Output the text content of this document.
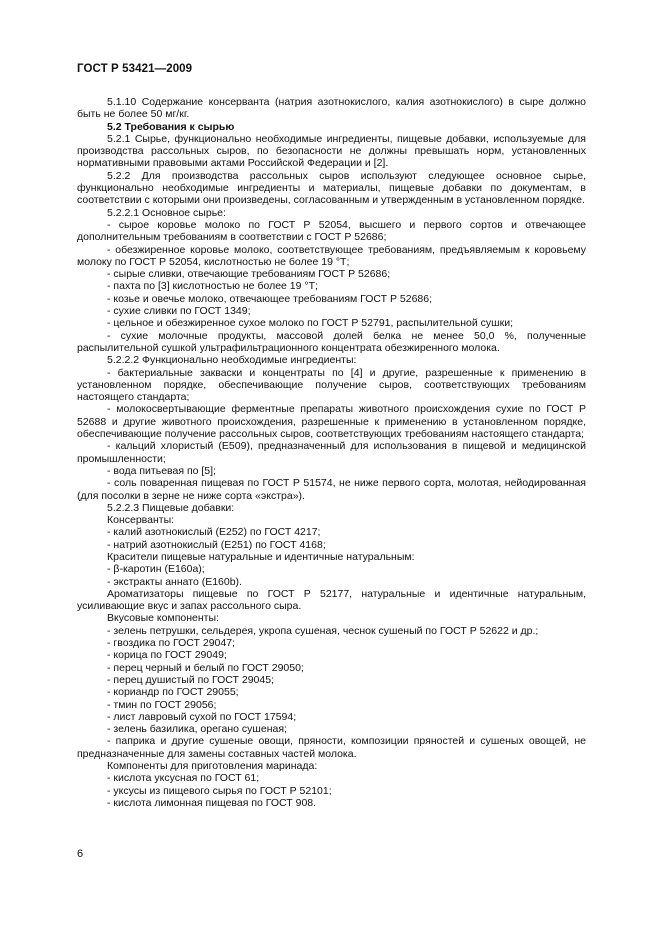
ГОСТ Р 53421—2009

5.1.10 Содержание консерванта (натрия азотнокислого, калия азотнокислого) в сыре должно быть не более 50 мг/кг.

5.2 Требования к сырью

5.2.1 Сырье, функционально необходимые ингредиенты, пищевые добавки, используемые для производства рассольных сыров, по безопасности не должны превышать норм, установленных нормативными правовыми актами Российской Федерации и [2].

5.2.2 Для производства рассольных сыров используют следующее основное сырье, функционально необходимые ингредиенты и материалы, пищевые добавки по документам, в соответствии с которыми они произведены, согласованным и утвержденным в установленном порядке.

5.2.2.1 Основное сырье:

- сырое коровье молоко по ГОСТ Р 52054, высшего и первого сортов и отвечающее дополнительным требованиям в соответствии с ГОСТ Р 52686;

- обезжиренное коровье молоко, соответствующее требованиям, предъявляемым к коровьему молоку по ГОСТ Р 52054, кислотностью не более 19 °Т;

- сырые сливки, отвечающие требованиям ГОСТ Р 52686;

- пахта по [3] кислотностью не более 19 °Т;

- козье и овечье молоко, отвечающее требованиям ГОСТ Р 52686;

- сухие сливки по ГОСТ 1349;

- цельное и обезжиренное сухое молоко по ГОСТ Р 52791, распылительной сушки;

- сухие молочные продукты, массовой долей белка не менее 50,0 %, полученные распылительной сушкой ультрафильтрационного концентрата обезжиренного молока.

5.2.2.2 Функционально необходимые ингредиенты:

- бактериальные закваски и концентраты по [4] и другие, разрешенные к применению в установленном порядке, обеспечивающие получение сыров, соответствующих требованиям настоящего стандарта;

- молокосвертывающие ферментные препараты животного происхождения сухие по ГОСТ Р 52688 и другие животного происхождения, разрешенные к применению в установленном порядке, обеспечивающие получение рассольных сыров, соответствующих требованиям настоящего стандарта;

- кальций хлористый (Е509), предназначенный для использования в пищевой и медицинской промышленности;

- вода питьевая по [5];

- соль поваренная пищевая по ГОСТ Р 51574, не ниже первого сорта, молотая, нейодированная (для посолки в зерне не ниже сорта «экстра»).

5.2.2.3 Пищевые добавки:

Консерванты:

- калий азотнокислый (Е252) по ГОСТ 4217;

- натрий азотнокислый (Е251) по ГОСТ 4168;

Красители пищевые натуральные и идентичные натуральным:

- β-каротин (Е160а);

- экстракты аннато (Е160b).

Ароматизаторы пищевые по ГОСТ Р 52177, натуральные и идентичные натуральным, усиливающие вкус и запах рассольного сыра.

Вкусовые компоненты:

- зелень петрушки, сельдерея, укропа сушеная, чеснок сушеный по ГОСТ Р 52622 и др.;

- гвоздика по ГОСТ 29047;

- корица по ГОСТ 29049;

- перец черный и белый по ГОСТ 29050;

- перец душистый по ГОСТ 29045;

- кориандр по ГОСТ 29055;

- тмин по ГОСТ 29056;

- лист лавровый сухой по ГОСТ 17594;

- зелень базилика, орегано сушеная;

- паприка и другие сушеные овощи, пряности, композиции пряностей и сушеных овощей, не предназначенные для замены составных частей молока.

Компоненты для приготовления маринада:

- кислота уксусная по ГОСТ 61;

- уксусы из пищевого сырья по ГОСТ Р 52101;

- кислота лимонная пищевая по ГОСТ 908.

6
